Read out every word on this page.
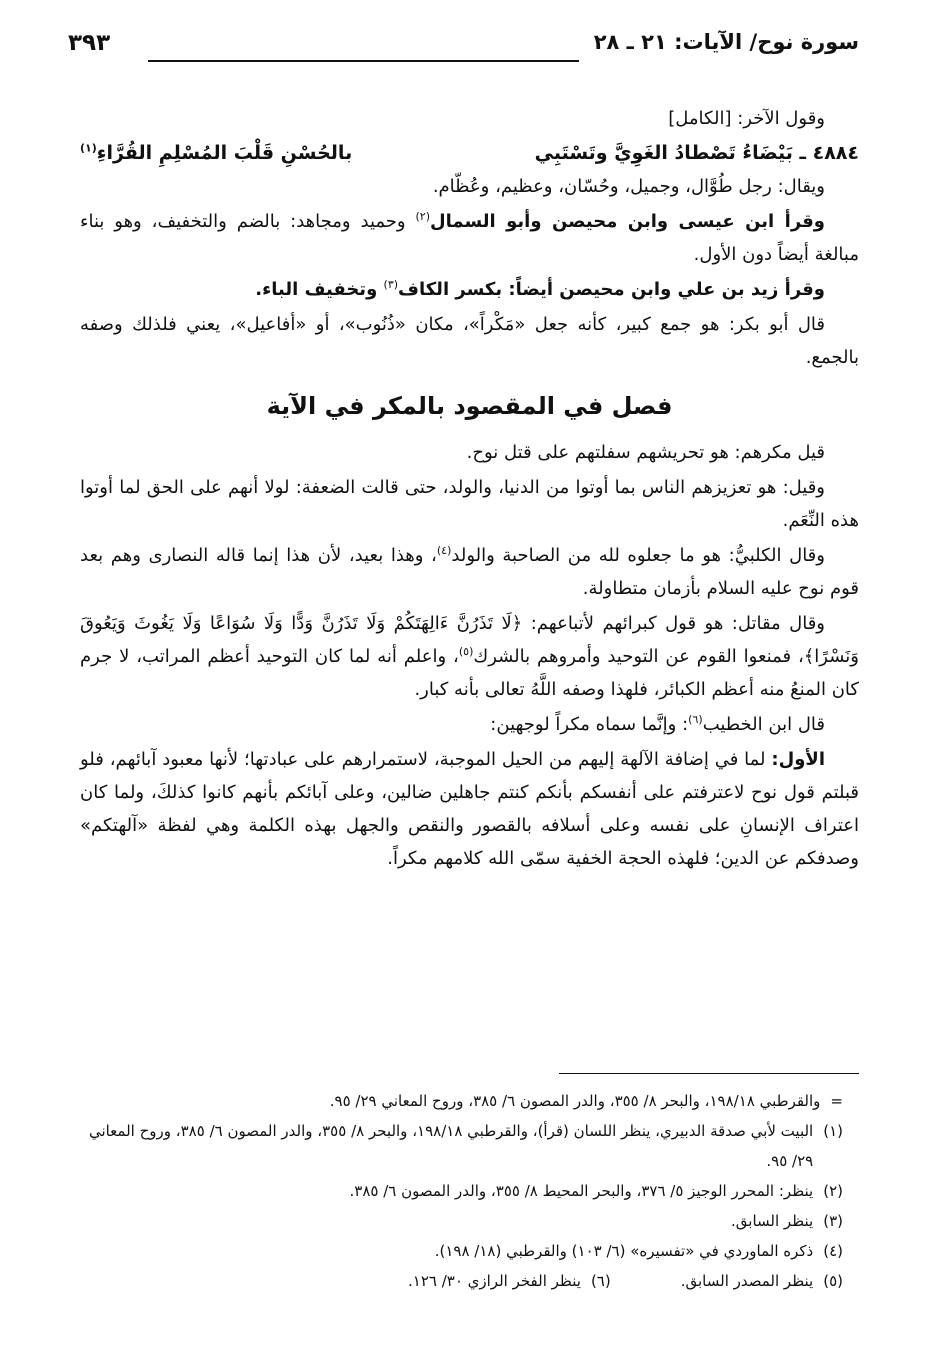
سورة نوح/ الآيات: ٢١ ـ ٢٨
٣٩٣

وقول الآخر: [الكامل]

٤٨٨٤ ـ بَيْضَاءُ تَصْطادُ الغَوِيَّ وتَسْتَبِي
بالحُسْنِ قَلْبَ المُسْلِمِ القُرَّاءِ$^{(١)}$

ويقال: رجل طُوَّال، وجميل، وحُسّان، وعظيم، وعُظّام.

وقرأ ابن عيسى وابن محيصن وأبو السمال$^{(٢)}$ وحميد ومجاهد: بالضم والتخفيف، وهو بناء مبالغة أيضاً دون الأول.

وقرأ زيد بن علي وابن محيصن أيضاً: بكسر الكاف$^{(٣)}$ وتخفيف الباء.

قال أبو بكر: هو جمع كبير، كأنه جعل «مَكْراً»، مكان «ذُنُوب»، أو «أفاعيل»، يعني فلذلك وصفه بالجمع.

فصل في المقصود بالمكر في الآية

قيل مكرهم: هو تحريشهم سفلتهم على قتل نوح.

وقيل: هو تعزيزهم الناس بما أوتوا من الدنيا، والولد، حتى قالت الضعفة: لولا أنهم على الحق لما أوتوا هذه النِّعَم.

وقال الكلبيُّ: هو ما جعلوه لله من الصاحبة والولد$^{(٤)}$، وهذا بعيد، لأن هذا إنما قاله النصارى وهم بعد قوم نوح عليه السلام بأزمان متطاولة.

وقال مقاتل: هو قول كبرائهم لأتباعهم: ﴿لَا تَذَرُنَّ ءَالِهَتَكُمْ وَلَا تَذَرُنَّ وَدًّا وَلَا سُوَاعًا وَلَا يَغُوثَ وَيَعُوقَ وَنَسْرًا﴾، فمنعوا القوم عن التوحيد وأمروهم بالشرك$^{(٥)}$، واعلم أنه لما كان التوحيد أعظم المراتب، لا جرم كان المنعُ منه أعظم الكبائر، فلهذا وصفه اللَّهُ تعالى بأنه كبار.

قال ابن الخطيب$^{(٦)}$: وإنَّما سماه مكراً لوجهين:

الأول: لما في إضافة الآلهة إليهم من الحيل الموجبة، لاستمرارهم على عبادتها؛ لأنها معبود آبائهم، فلو قبلتم قول نوح لاعترفتم على أنفسكم بأنكم كنتم جاهلين ضالين، وعلى آبائكم بأنهم كانوا كذلكَ، ولما كان اعتراف الإنسانِ على نفسه وعلى أسلافه بالقصور والنقص والجهل بهذه الكلمة وهي لفظة «آلهتكم» وصدفكم عن الدين؛ فلهذه الحجة الخفية سمّى الله كلامهم مكراً.

=
والقرطبي ١٩٨/١٨، والبحر ٨/ ٣٥٥، والدر المصون ٦/ ٣٨٥، وروح المعاني ٢٩/ ٩٥.
(١)
البيت لأبي صدقة الدبيري، ينظر اللسان (قرأ)، والقرطبي ١٩٨/١٨، والبحر ٨/ ٣٥٥، والدر المصون ٦/ ٣٨٥، وروح المعاني ٢٩/ ٩٥.
(٢)
ينظر: المحرر الوجيز ٥/ ٣٧٦، والبحر المحيط ٨/ ٣٥٥، والدر المصون ٦/ ٣٨٥.
(٣)
ينظر السابق.
(٤)
ذكره الماوردي في «تفسيره» (٦/ ١٠٣) والقرطبي (١٨/ ١٩٨).
(٥)
ينظر المصدر السابق.
(٦)
ينظر الفخر الرازي ٣٠/ ١٢٦.
